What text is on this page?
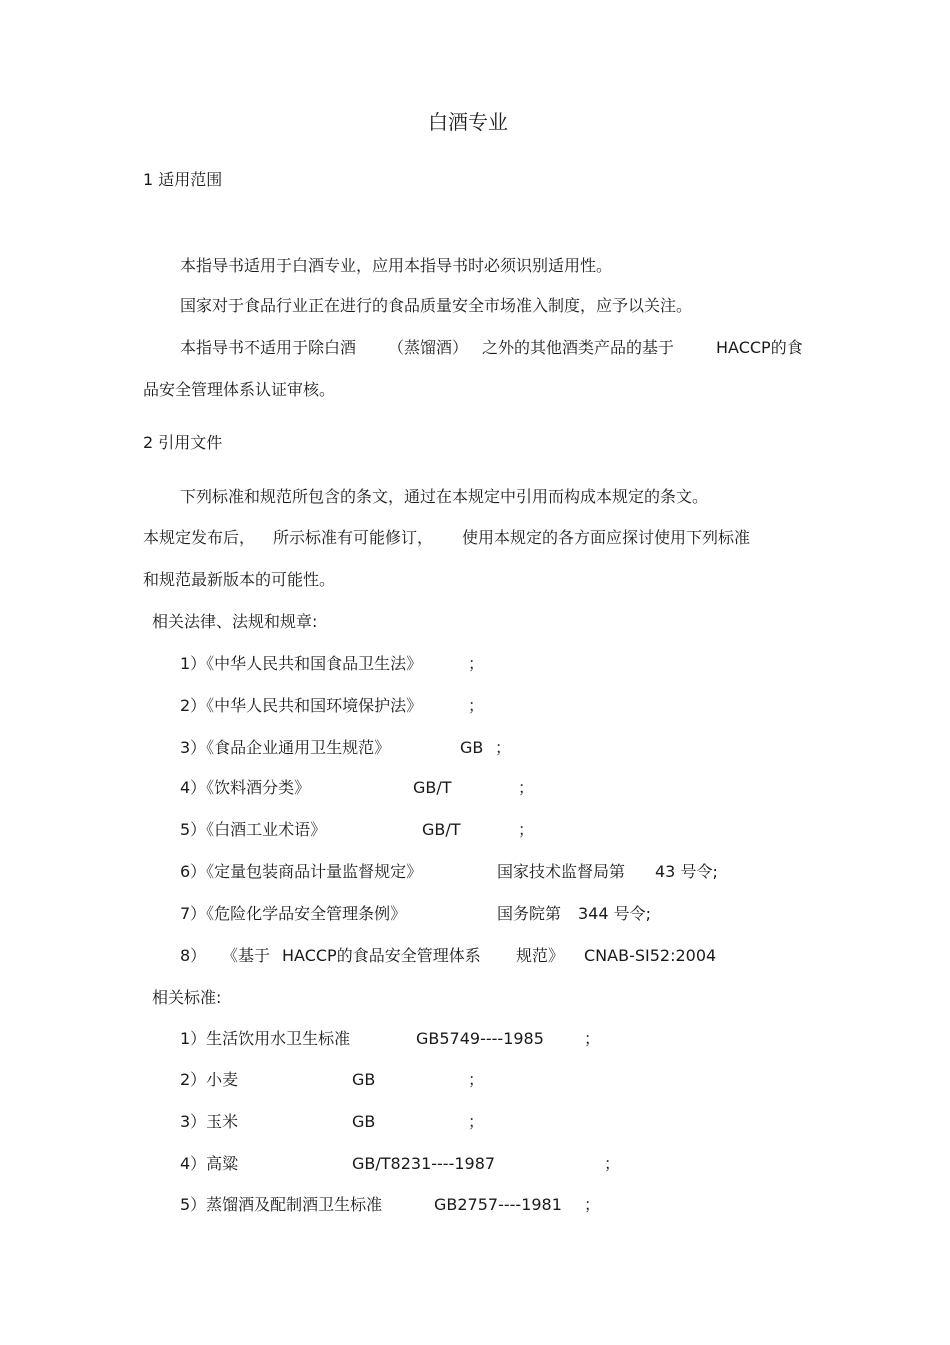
白酒专业

1 适用范围

本指导书适用于白酒专业，应用本指导书时必须识别适用性。

国家对于食品行业正在进行的食品质量安全市场准入制度，应予以关注。

本指导书不适用于除白酒 （蒸馏酒） 之外的其他酒类产品的基于	HACCP的食

品安全管理体系认证审核。

2 引用文件

下列标准和规范所包含的条文，通过在本规定中引用而构成本规定的条文。

本规定发布后， 所示标准有可能修订， 使用本规定的各方面应探讨使用下列标准

和规范最新版本的可能性。

相关法律、法规和规章:

1）《中华人民共和国食品卫生法》	；

2）《中华人民共和国环境保护法》	；

3）《食品企业通用卫生规范》	GB ；

4）《饮料酒分类》	GB/T	；

5）《白酒工业术语》	GB/T	；

6）《定量包装商品计量监督规定》	国家技术监督局第 43 号令;

7）《危险化学品安全管理条例》	国务院第 344 号令;

8） 《基于 HACCP的食品安全管理体系 规范》 CNAB-SI52:2004

相关标准:

1）生活饮用水卫生标准	GB5749----1985	；

2）小麦	GB	；

3）玉米	GB	；

4）高粱	GB/T8231----1987	；

5）蒸馏酒及配制酒卫生标准	GB2757----1981 ；
